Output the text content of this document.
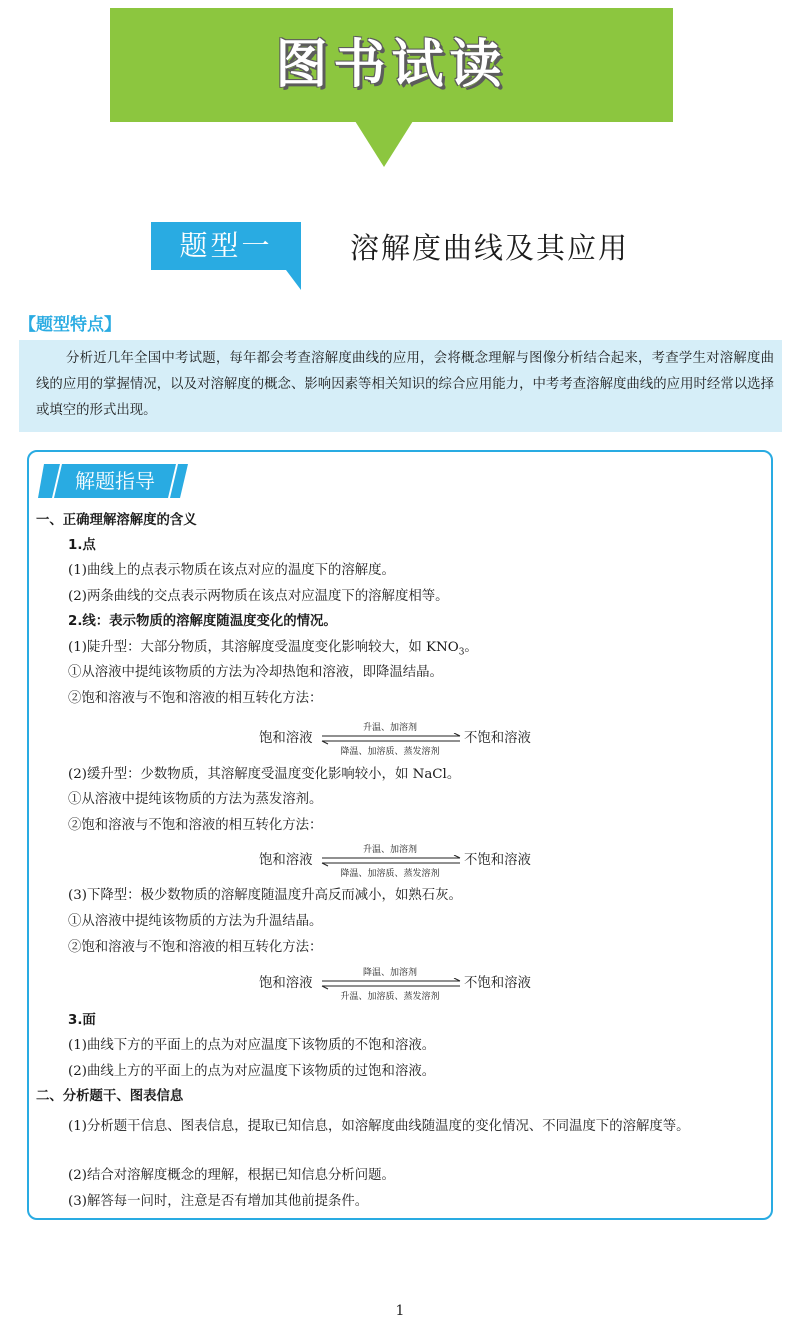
图书试读
题型一	溶解度曲线及其应用
【题型特点】
分析近几年全国中考试题，每年都会考查溶解度曲线的应用，会将概念理解与图像分析结合起来，考查学生对溶解度曲线的应用的掌握情况，以及对溶解度的概念、影响因素等相关知识的综合应用能力，中考考查溶解度曲线的应用时经常以选择或填空的形式出现。
解题指导
一、正确理解溶解度的含义
1.点
(1)曲线上的点表示物质在该点对应的温度下的溶解度。
(2)两条曲线的交点表示两物质在该点对应温度下的溶解度相等。
2.线：表示物质的溶解度随温度变化的情况。
(1)陡升型：大部分物质，其溶解度受温度变化影响较大，如 $KNO_3$。
①从溶液中提纯该物质的方法为冷却热饱和溶液，即降温结晶。
②饱和溶液与不饱和溶液的相互转化方法：
饱和溶液
升温、加溶剂
降温、加溶质、蒸发溶剂
不饱和溶液
(2)缓升型：少数物质，其溶解度受温度变化影响较小，如 NaCl。
①从溶液中提纯该物质的方法为蒸发溶剂。
②饱和溶液与不饱和溶液的相互转化方法：
饱和溶液
升温、加溶剂
降温、加溶质、蒸发溶剂
不饱和溶液
(3)下降型：极少数物质的溶解度随温度升高反而减小，如熟石灰。
①从溶液中提纯该物质的方法为升温结晶。
②饱和溶液与不饱和溶液的相互转化方法：
饱和溶液
降温、加溶剂
升温、加溶质、蒸发溶剂
不饱和溶液
3.面
(1)曲线下方的平面上的点为对应温度下该物质的不饱和溶液。
(2)曲线上方的平面上的点为对应温度下该物质的过饱和溶液。
二、分析题干、图表信息
(1)分析题干信息、图表信息，提取已知信息，如溶解度曲线随温度的变化情况、不同温度下的溶解度等。
(2)结合对溶解度概念的理解，根据已知信息分析问题。
(3)解答每一问时，注意是否有增加其他前提条件。
1
